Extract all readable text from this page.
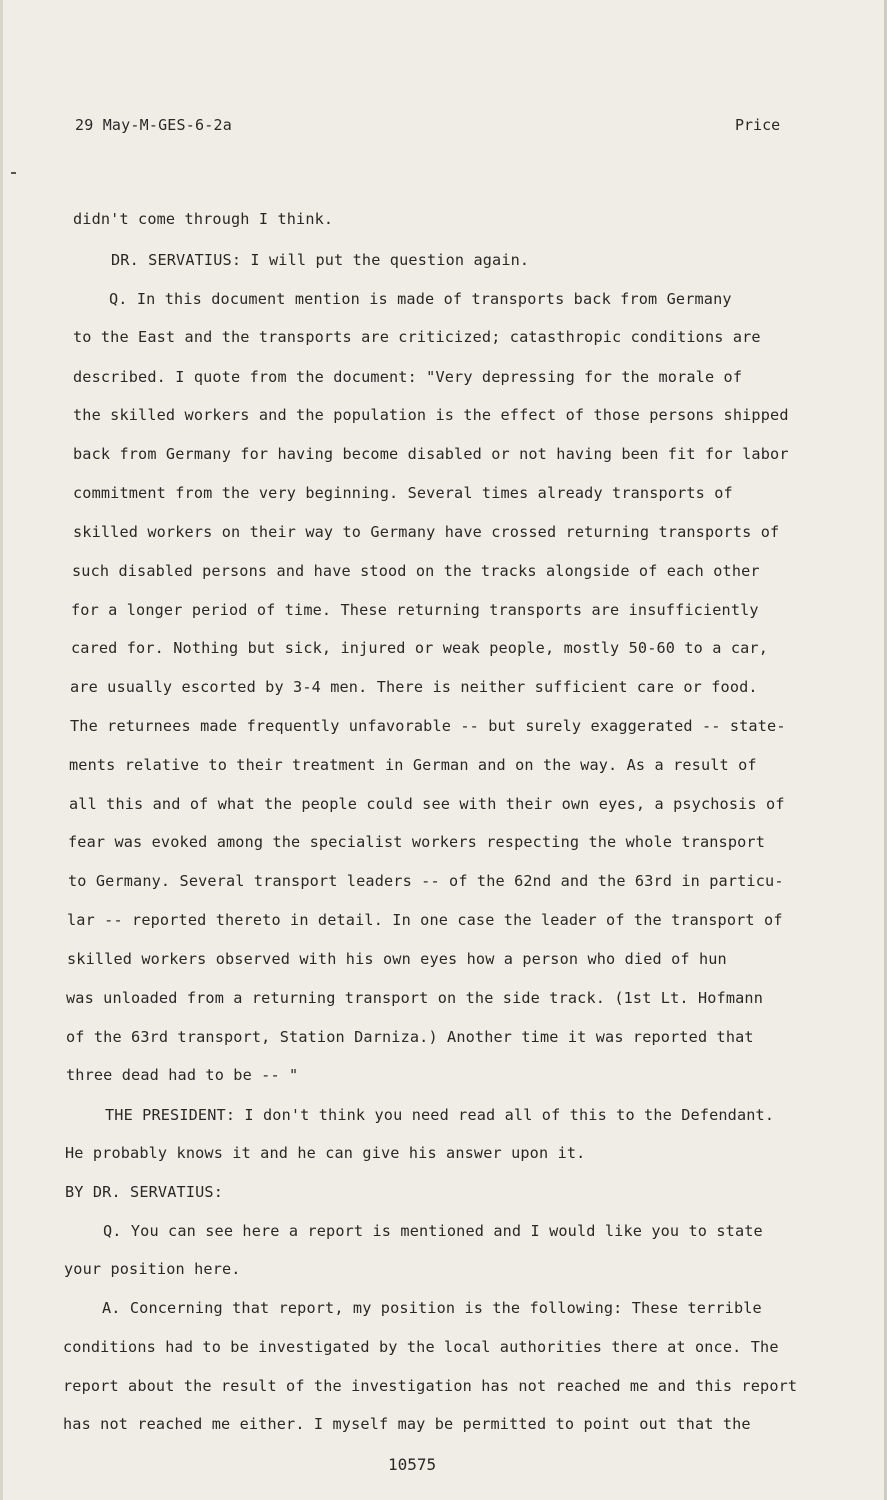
29 May-M-GES-6-2a	Price
didn't come through I think.
DR. SERVATIUS: I will put the question again.
Q. In this document mention is made of transports back from Germany
to the East and the transports are criticized; catasthropic conditions are
described. I quote from the document: "Very depressing for the morale of
the skilled workers and the population is the effect of those persons shipped
back from Germany for having become disabled or not having been fit for labor
commitment from the very beginning. Several times already transports of
skilled workers on their way to Germany have crossed returning transports of
such disabled persons and have stood on the tracks alongside of each other
for a longer period of time. These returning transports are insufficiently
cared for. Nothing but sick, injured or weak people, mostly 50-60 to a car,
are usually escorted by 3-4 men. There is neither sufficient care or food.
The returnees made frequently unfavorable -- but surely exaggerated -- state-
ments relative to their treatment in German and on the way. As a result of
all this and of what the people could see with their own eyes, a psychosis of
fear was evoked among the specialist workers respecting the whole transport
to Germany. Several transport leaders -- of the 62nd and the 63rd in particu-
lar -- reported thereto in detail. In one case the leader of the transport of
skilled workers observed with his own eyes how a person who died of hun
was unloaded from a returning transport on the side track. (1st Lt. Hofmann
of the 63rd transport, Station Darniza.) Another time it was reported that
three dead had to be -- "
THE PRESIDENT: I don't think you need read all of this to the Defendant.
He probably knows it and he can give his answer upon it.
BY DR. SERVATIUS:
Q. You can see here a report is mentioned and I would like you to state
your position here.
A. Concerning that report, my position is the following: These terrible
conditions had to be investigated by the local authorities there at once. The
report about the result of the investigation has not reached me and this report
has not reached me either. I myself may be permitted to point out that the
10575
